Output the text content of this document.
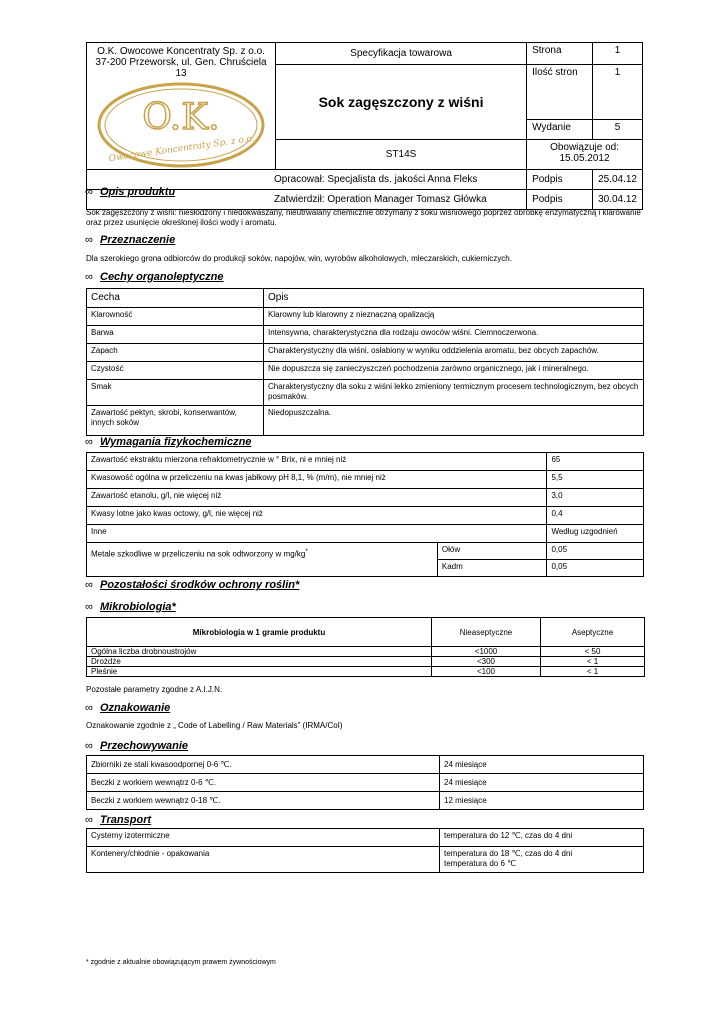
O.K. Owocowe Koncentraty Sp. z o.o.
37-200 Przeworsk, ul. Gen. Chruściela 13
O.K.
Owocowe Koncentraty Sp. z o.o.	Specyfikacja towarowa	Strona	1
	Sok zagęszczony z wiśni	Ilość stron	1
		Wydanie	5
	ST14S	Obowiązuje od:
15.05.2012	

Opracował: Specjalista ds. jakości Anna Fleks		Podpis	25.04.12
Zatwierdził: Operation Manager Tomasz Główka		Podpis	30.04.12
∞ Opis produktu
Sok zagęszczony z wiśni: niesłodzony i niedokwaszany, nieutrwalany chemicznie otrzymany z soku wiśniowego poprzez obróbkę enzymatyczną i klarowanie oraz przez usunięcie określonej ilości wody i aromatu.
∞ Przeznaczenie
Dla szerokiego grona odbiorców do produkcji soków, napojów, win, wyrobów alkoholowych, mleczarskich, cukierniczych.
∞ Cechy organoleptyczne
Cecha	Opis
Klarowność	Klarowny lub klarowny z nieznaczną opalizacją
Barwa	Intensywna, charakterystyczna dla rodzaju owoców wiśni. Ciemnoczerwona.
Zapach	Charakterystyczny dla wiśni, osłabiony w wyniku oddzielenia aromatu, bez obcych zapachów.
Czystość	Nie dopuszcza się zanieczyszczeń pochodzenia zarówno organicznego, jak i mineralnego.
Smak	Charakterystyczny dla soku z wiśni lekko zmieniony termicznym procesem technologicznym, bez obcych posmaków.
Zawartość pektyn, skrobi, konserwantów, innych soków	Niedopuszczalna.
∞ Wymagania fizykochemiczne
Zawartość ekstraktu mierzona refraktometrycznie w ° Brix, ni e mniej niż		65
Kwasowość ogólna w przeliczeniu na kwas jabłkowy pH 8,1, % (m/m), nie mniej niż		5,5
Zawartość etanolu, g/l, nie więcej niż		3,0
Kwasy lotne jako kwas octowy, g/l, nie więcej niż		0,4
Inne		Według uzgodnień
Metale szkodliwe w przeliczeniu na sok odtworzony w mg/kg*	Ołów	0,05
	Kadm	0,05
∞ Pozostałości środków ochrony roślin*
∞ Mikrobiologia*
Mikrobiologia w 1 gramie produktu	Nieaseptyczne	Aseptyczne
Ogólna liczba drobnoustrojów	<1000	< 50
Drożdże	<300	< 1
Pleśnie	<100	< 1
Pozostałe parametry zgodne z A.I.J.N.
∞ Oznakowanie
Oznakowanie zgodnie z „ Code of Labelling / Raw Materials” (IRMA/CoI)
∞ Przechowywanie
Zbiorniki ze stali kwasoodpornej 0-6 ℃.	24 miesiące
Beczki z workiem wewnątrz 0-6 ℃.	24 miesiące
Beczki z workiem wewnątrz 0-18 ℃.	12 miesiące
∞ Transport
Cysterny izotermiczne	temperatura do 12 ℃, czas do 4 dni
Kontenery/chłodnie - opakowania	temperatura do 18 ℃, czas do 4 dni
temperatura do 6 ℃
* zgodnie z aktualnie obowiązującym prawem żywnościowym
